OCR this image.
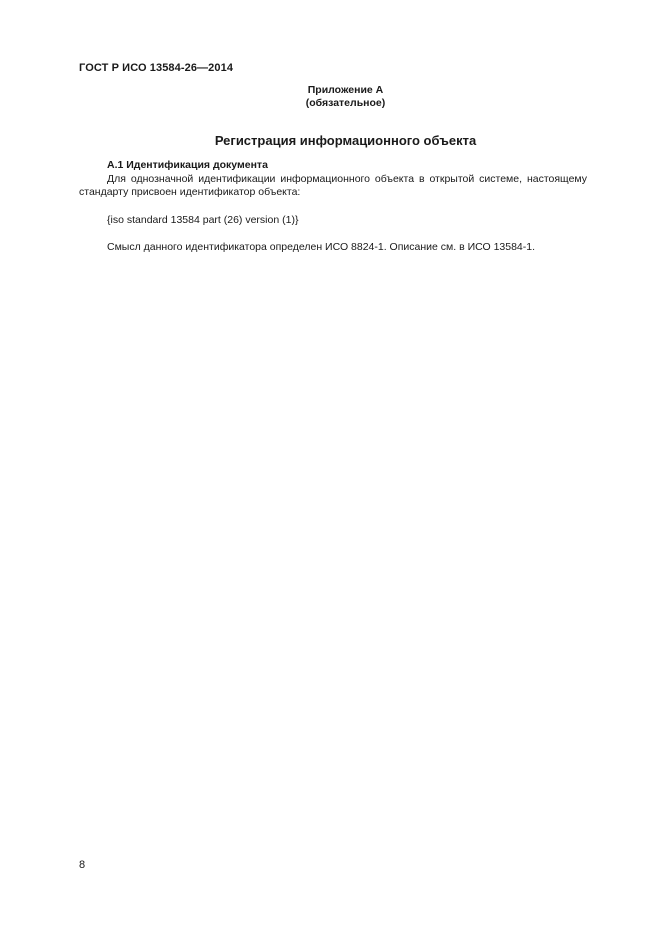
ГОСТ Р ИСО 13584-26—2014
Приложение А
(обязательное)
Регистрация информационного объекта
А.1 Идентификация документа

Для однозначной идентификации информационного объекта в открытой системе, настоящему стандарту присвоен идентификатор объекта:

{iso standard 13584 part (26) version (1)}
Смысл данного идентификатора определен ИСО 8824-1. Описание см. в ИСО 13584-1.
8
